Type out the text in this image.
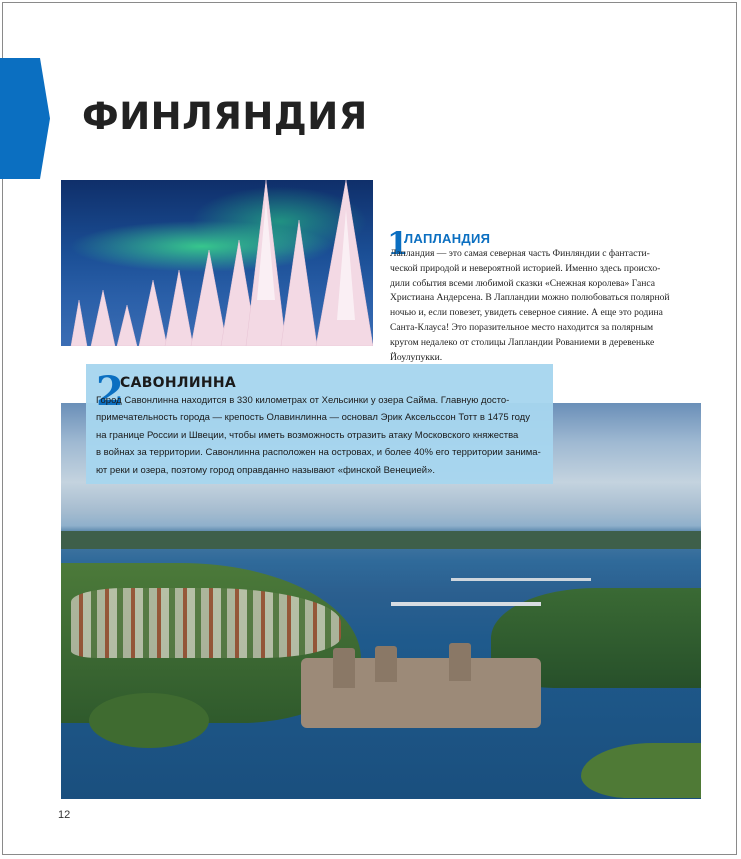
ФИНЛЯНДИЯ
1
ЛАПЛАНДИЯ

Лапландия — это самая северная часть Финляндии с фантасти-
ческой природой и невероятной историей. Именно здесь происхо-
дили события всеми любимой сказки «Снежная королева» Ганса
Христиана Андерсена. В Лапландии можно полюбоваться полярной
ночью и, если повезет, увидеть северное сияние. А еще это родина
Санта-Клауса! Это поразительное место находится за полярным
кругом недалеко от столицы Лапландии Рованиеми в деревеньке
Йоулупукки.

2
САВОНЛИННА

Город Савонлинна находится в 330 километрах от Хельсинки у озера Сайма. Главную досто-
примечательность города — крепость Олавинлинна — основал Эрик Аксельссон Тотт в 1475 году
на границе России и Швеции, чтобы иметь возможность отразить атаку Московского княжества
в войнах за территории. Савонлинна расположен на островах, и более 40% его территории занима-
ют реки и озера, поэтому город оправданно называют «финской Венецией».

12
